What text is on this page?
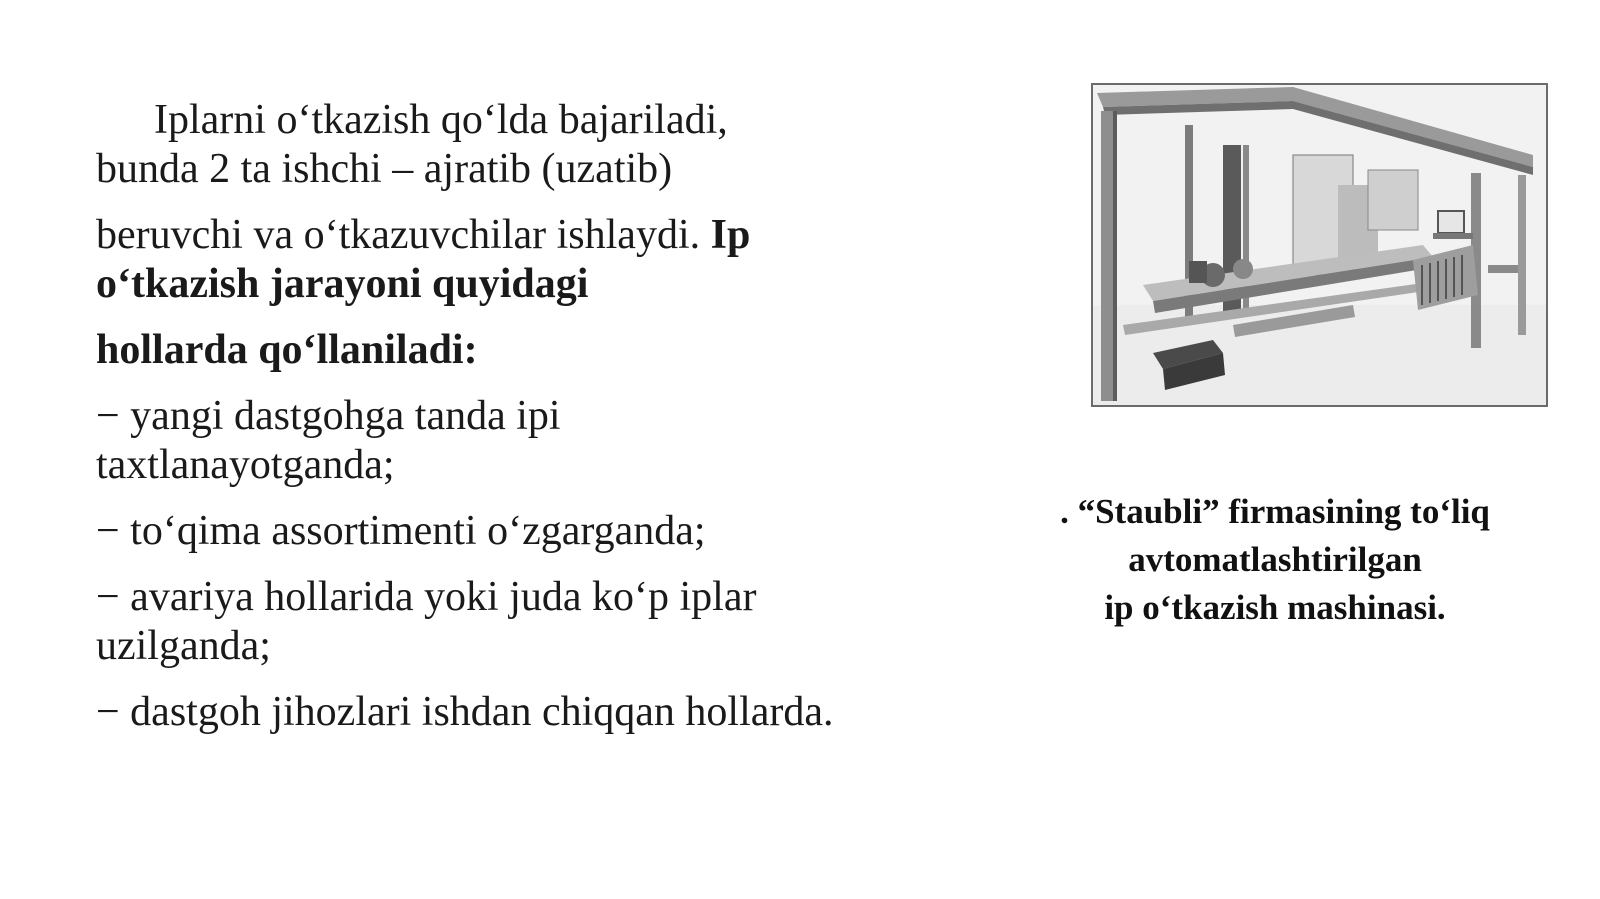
Iplarni o‘tkazish qo‘lda bajariladi,
bunda 2 ta ishchi – ajratib (uzatib)

beruvchi va o‘tkazuvchilar ishlaydi. Ip o‘tkazish jarayoni quyidagi

hollarda qo‘llaniladi:

− yangi dastgohga tanda ipi taxtlanayotganda;

− to‘qima assortimenti o‘zgarganda;

− avariya hollarida yoki juda ko‘p iplar uzilganda;

− dastgoh jihozlari ishdan chiqqan hollarda.

. “Staubli” firmasining to‘liq
avtomatlashtirilgan
ip o‘tkazish mashinasi.
